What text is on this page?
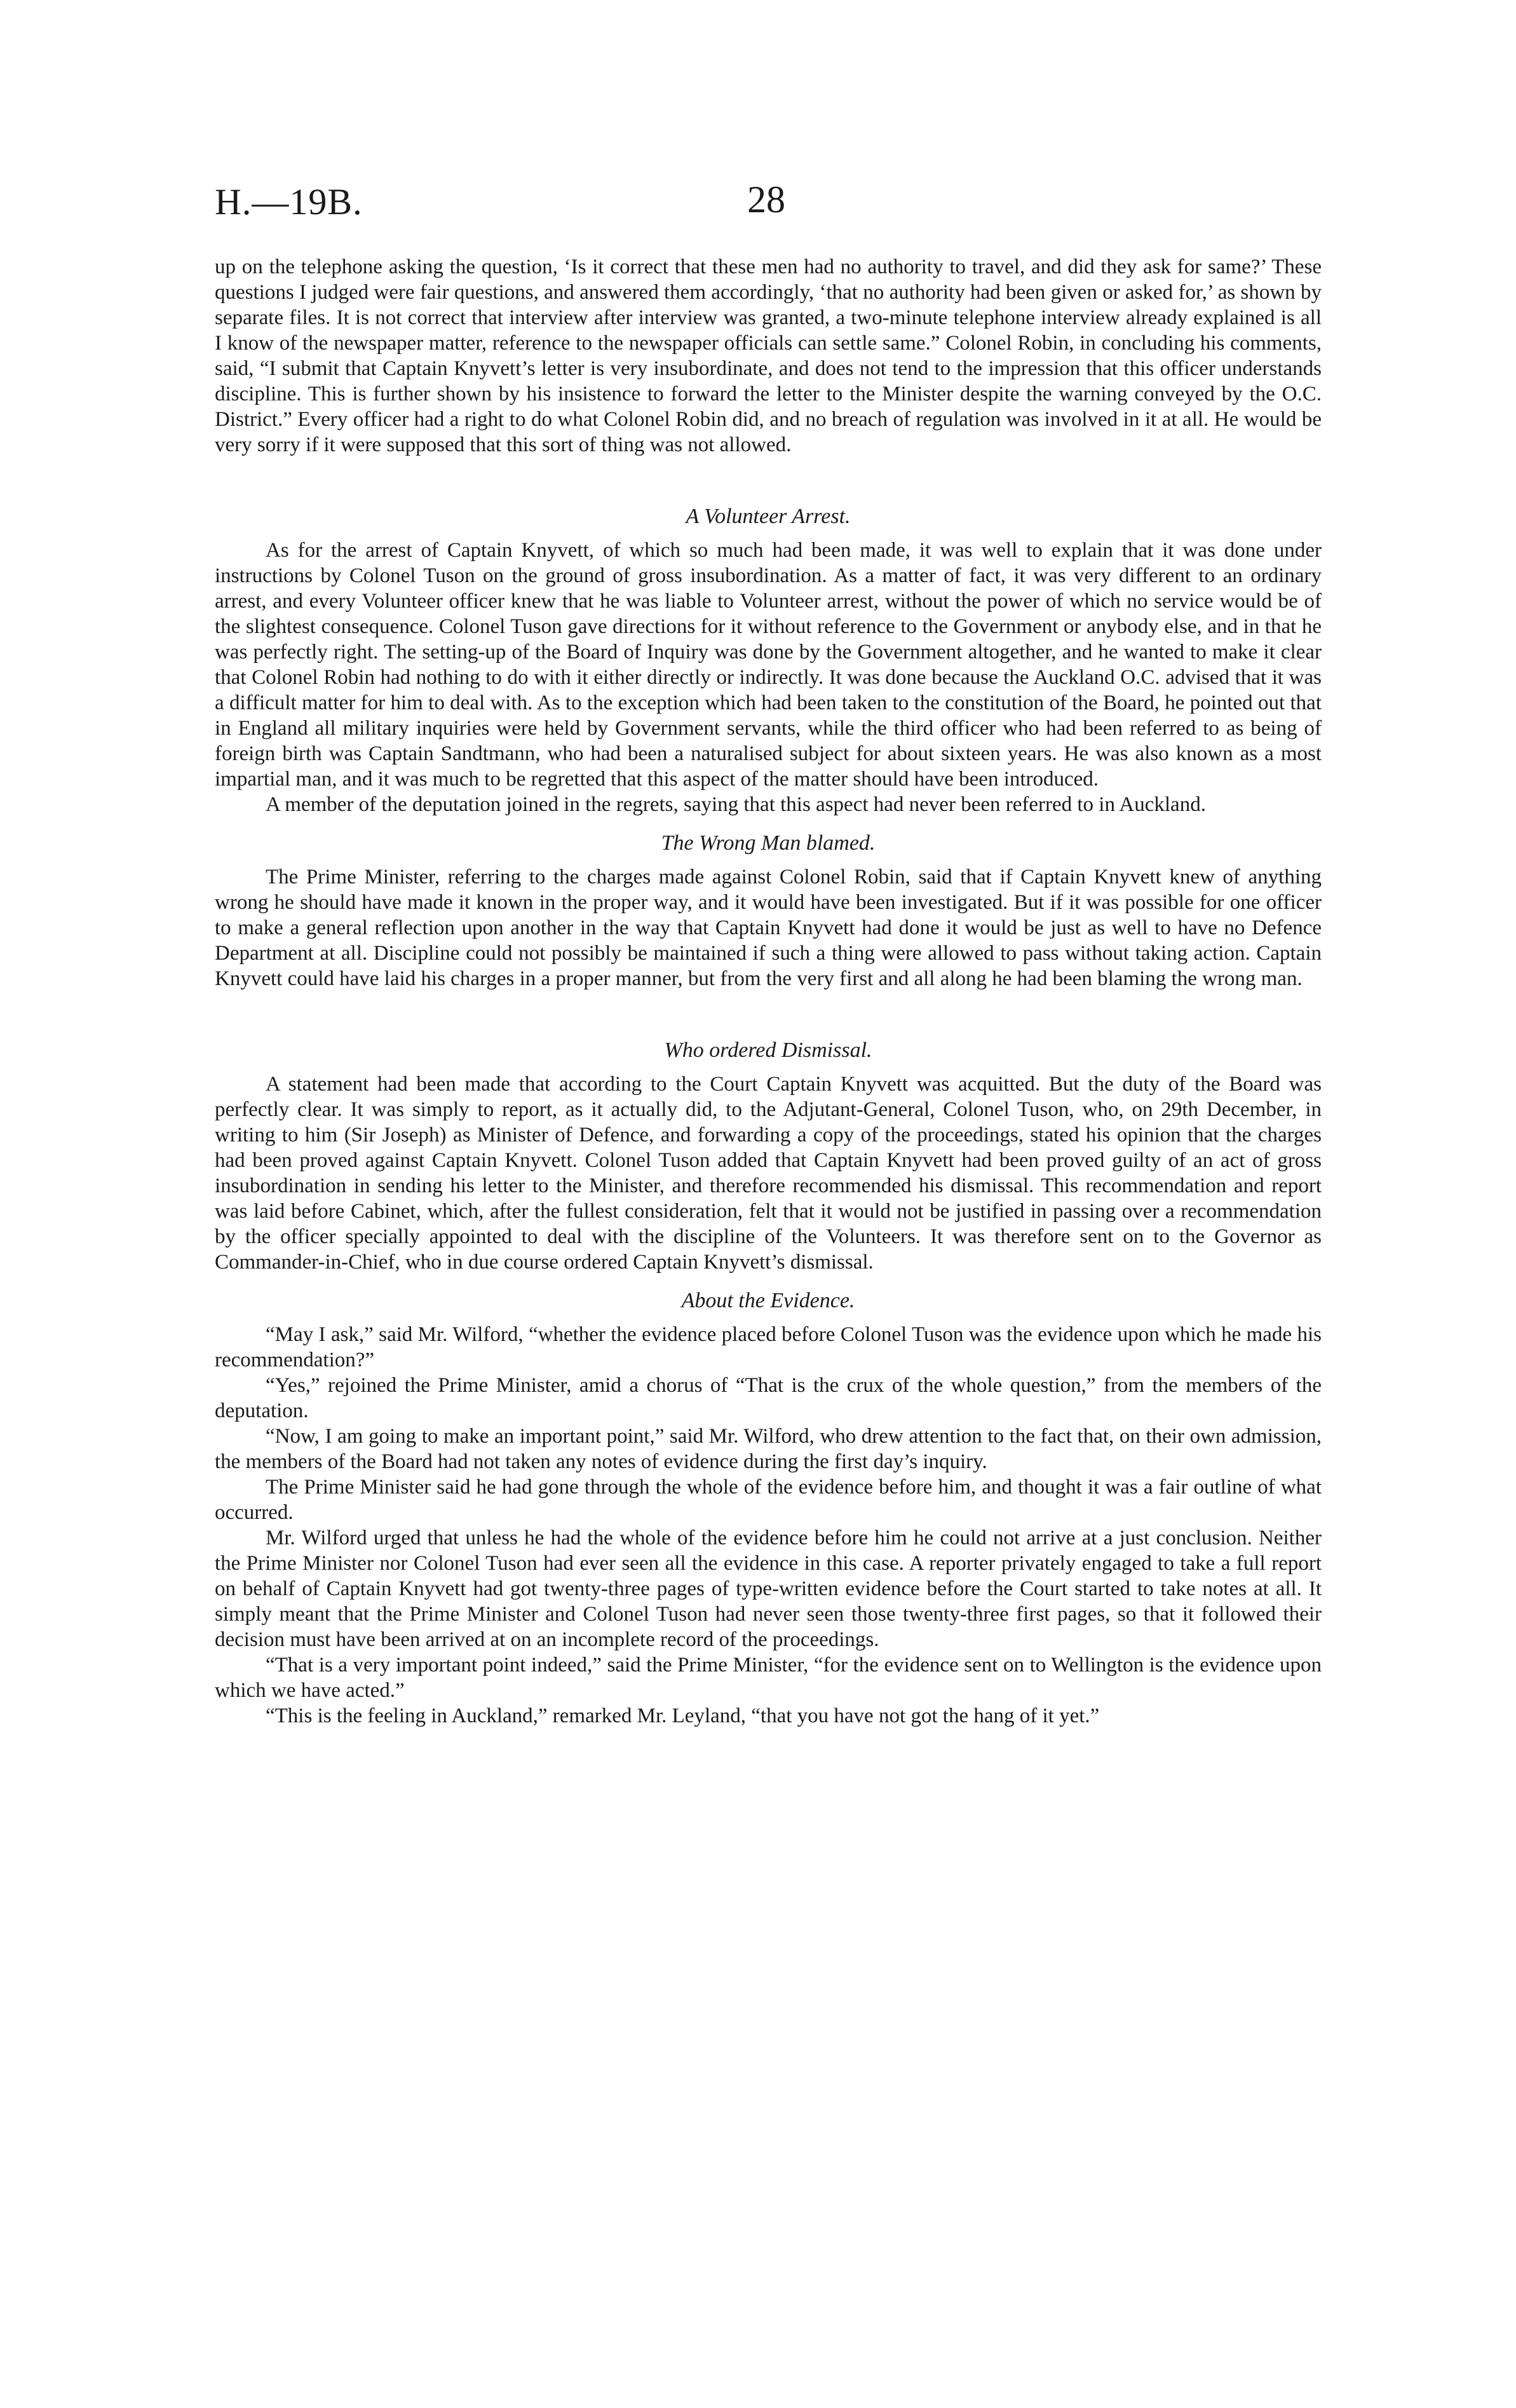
H.—19B.	28

up on the telephone asking the question, ‘Is it correct that these men had no authority to travel, and did they ask for same?’ These questions I judged were fair questions, and answered them accordingly, ‘that no authority had been given or asked for,’ as shown by separate files. It is not correct that interview after interview was granted, a two-minute telephone interview already explained is all I know of the newspaper matter, reference to the newspaper officials can settle same.” Colonel Robin, in concluding his comments, said, “I submit that Captain Knyvett’s letter is very insubordinate, and does not tend to the impression that this officer understands discipline. This is further shown by his insistence to forward the letter to the Minister despite the warning conveyed by the O.C. District.” Every officer had a right to do what Colonel Robin did, and no breach of regulation was involved in it at all. He would be very sorry if it were supposed that this sort of thing was not allowed.

A Volunteer Arrest.

As for the arrest of Captain Knyvett, of which so much had been made, it was well to explain that it was done under instructions by Colonel Tuson on the ground of gross insubordination. As a matter of fact, it was very different to an ordinary arrest, and every Volunteer officer knew that he was liable to Volunteer arrest, without the power of which no service would be of the slightest consequence. Colonel Tuson gave directions for it without reference to the Government or anybody else, and in that he was perfectly right. The setting-up of the Board of Inquiry was done by the Government altogether, and he wanted to make it clear that Colonel Robin had nothing to do with it either directly or indirectly. It was done because the Auckland O.C. advised that it was a difficult matter for him to deal with. As to the exception which had been taken to the constitution of the Board, he pointed out that in England all military inquiries were held by Government servants, while the third officer who had been referred to as being of foreign birth was Captain Sandtmann, who had been a naturalised subject for about sixteen years. He was also known as a most impartial man, and it was much to be regretted that this aspect of the matter should have been introduced.

A member of the deputation joined in the regrets, saying that this aspect had never been referred to in Auckland.

The Wrong Man blamed.

The Prime Minister, referring to the charges made against Colonel Robin, said that if Captain Knyvett knew of anything wrong he should have made it known in the proper way, and it would have been investigated. But if it was possible for one officer to make a general reflection upon another in the way that Captain Knyvett had done it would be just as well to have no Defence Department at all. Discipline could not possibly be maintained if such a thing were allowed to pass without taking action. Captain Knyvett could have laid his charges in a proper manner, but from the very first and all along he had been blaming the wrong man.

Who ordered Dismissal.

A statement had been made that according to the Court Captain Knyvett was acquitted. But the duty of the Board was perfectly clear. It was simply to report, as it actually did, to the Adjutant-General, Colonel Tuson, who, on 29th December, in writing to him (Sir Joseph) as Minister of Defence, and forwarding a copy of the proceedings, stated his opinion that the charges had been proved against Captain Knyvett. Colonel Tuson added that Captain Knyvett had been proved guilty of an act of gross insubordination in sending his letter to the Minister, and therefore recommended his dismissal. This recommendation and report was laid before Cabinet, which, after the fullest consideration, felt that it would not be justified in passing over a recommendation by the officer specially appointed to deal with the discipline of the Volunteers. It was therefore sent on to the Governor as Commander-in-Chief, who in due course ordered Captain Knyvett’s dismissal.

About the Evidence.

“May I ask,” said Mr. Wilford, “whether the evidence placed before Colonel Tuson was the evidence upon which he made his recommendation?”

“Yes,” rejoined the Prime Minister, amid a chorus of “That is the crux of the whole question,” from the members of the deputation.

“Now, I am going to make an important point,” said Mr. Wilford, who drew attention to the fact that, on their own admission, the members of the Board had not taken any notes of evidence during the first day’s inquiry.

The Prime Minister said he had gone through the whole of the evidence before him, and thought it was a fair outline of what occurred.

Mr. Wilford urged that unless he had the whole of the evidence before him he could not arrive at a just conclusion. Neither the Prime Minister nor Colonel Tuson had ever seen all the evidence in this case. A reporter privately engaged to take a full report on behalf of Captain Knyvett had got twenty-three pages of type-written evidence before the Court started to take notes at all. It simply meant that the Prime Minister and Colonel Tuson had never seen those twenty-three first pages, so that it followed their decision must have been arrived at on an incomplete record of the proceedings.

“That is a very important point indeed,” said the Prime Minister, “for the evidence sent on to Wellington is the evidence upon which we have acted.”

“This is the feeling in Auckland,” remarked Mr. Leyland, “that you have not got the hang of it yet.”
